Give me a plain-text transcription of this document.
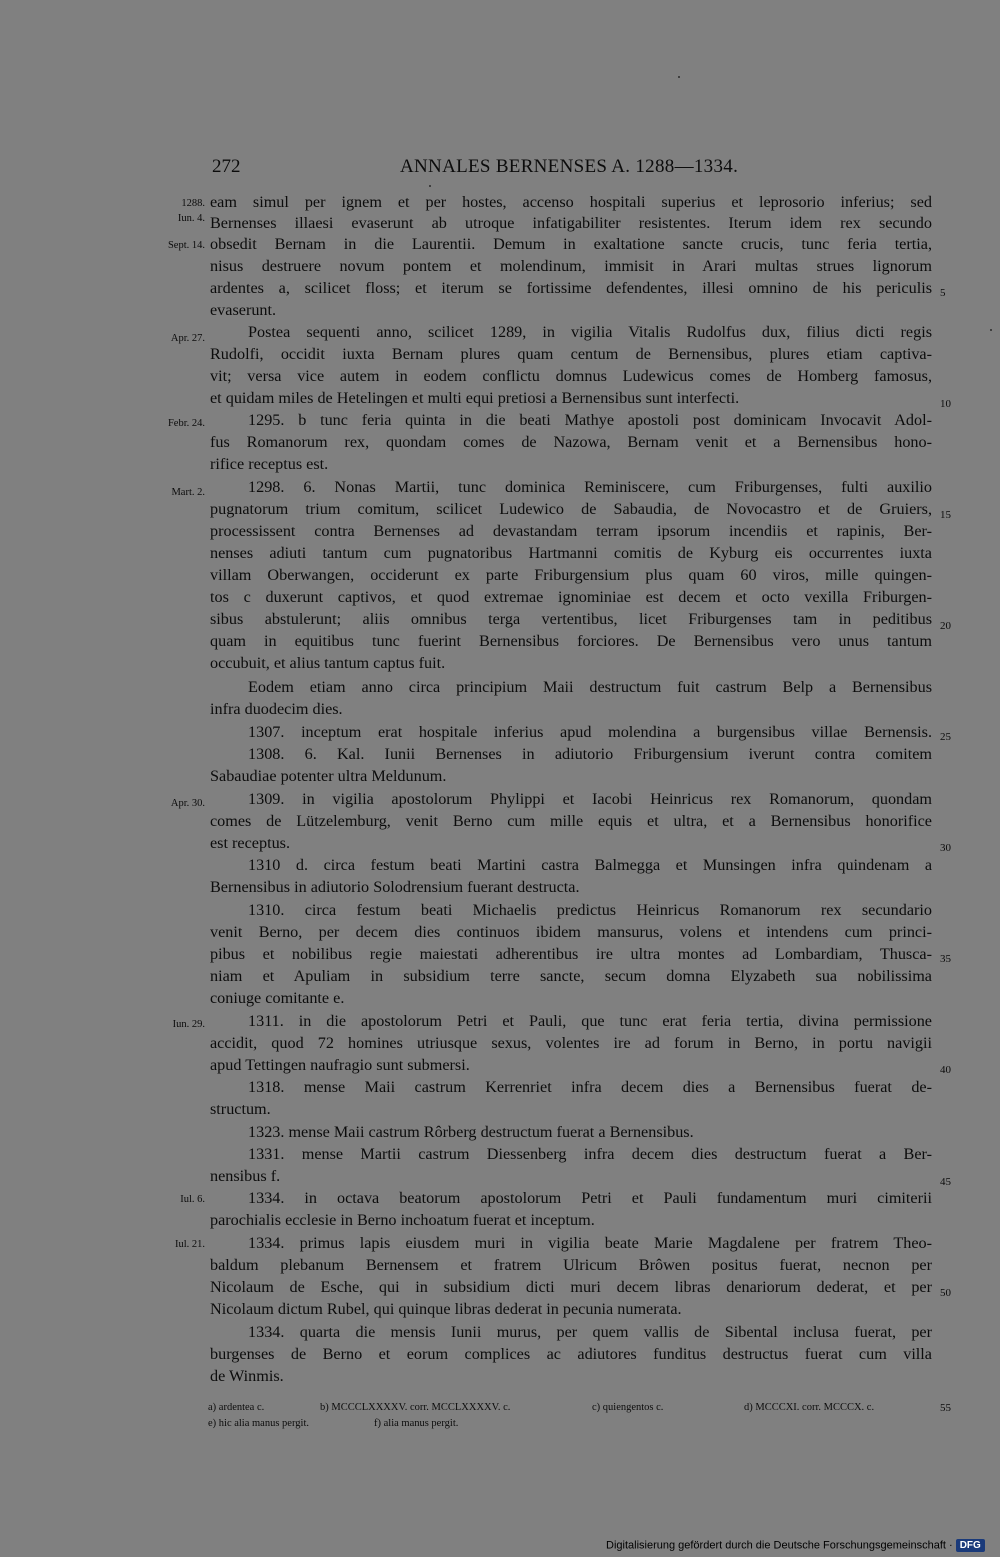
272	ANNALES BERNENSES A. 1288—1334.
1288.
Iun. 4.
Sept. 14.
Apr. 27.
Febr. 24.
Mart. 2.
Apr. 30.
Iun. 29.
Iul. 6.
Iul. 21.
eam simul per ignem et per hostes, accenso hospitali superius et leprosorio inferius; sed
Bernenses illaesi evaserunt ab utroque infatigabiliter resistentes. Iterum idem rex secundo
obsedit Bernam in die Laurentii. Demum in exaltatione sancte crucis, tunc feria tertia,
nisus destruere novum pontem et molendinum, immisit in Arari multas strues lignorum
ardentes a, scilicet floss; et iterum se fortissime defendentes, illesi omnino de his periculis
evaserunt.
Postea sequenti anno, scilicet 1289, in vigilia Vitalis Rudolfus dux, filius dicti regis
Rudolfi, occidit iuxta Bernam plures quam centum de Bernensibus, plures etiam captiva-
vit; versa vice autem in eodem conflictu domnus Ludewicus comes de Homberg famosus,
et quidam miles de Hetelingen et multi equi pretiosi a Bernensibus sunt interfecti.
1295. b tunc feria quinta in die beati Mathye apostoli post dominicam Invocavit Adol-
fus Romanorum rex, quondam comes de Nazowa, Bernam venit et a Bernensibus hono-
rifice receptus est.
1298. 6. Nonas Martii, tunc dominica Reminiscere, cum Friburgenses, fulti auxilio
pugnatorum trium comitum, scilicet Ludewico de Sabaudia, de Novocastro et de Gruiers,
processissent contra Bernenses ad devastandam terram ipsorum incendiis et rapinis, Ber-
nenses adiuti tantum cum pugnatoribus Hartmanni comitis de Kyburg eis occurrentes iuxta
villam Oberwangen, occiderunt ex parte Friburgensium plus quam 60 viros, mille quingen-
tos c duxerunt captivos, et quod extremae ignominiae est decem et octo vexilla Friburgen-
sibus abstulerunt; aliis omnibus terga vertentibus, licet Friburgenses tam in peditibus
quam in equitibus tunc fuerint Bernensibus forciores. De Bernensibus vero unus tantum
occubuit, et alius tantum captus fuit.
Eodem etiam anno circa principium Maii destructum fuit castrum Belp a Bernensibus
infra duodecim dies.
1307. inceptum erat hospitale inferius apud molendina a burgensibus villae Bernensis.
1308. 6. Kal. Iunii Bernenses in adiutorio Friburgensium iverunt contra comitem
Sabaudiae potenter ultra Meldunum.
1309. in vigilia apostolorum Phylippi et Iacobi Heinricus rex Romanorum, quondam
comes de Lützelemburg, venit Berno cum mille equis et ultra, et a Bernensibus honorifice
est receptus.
1310 d. circa festum beati Martini castra Balmegga et Munsingen infra quindenam a
Bernensibus in adiutorio Solodrensium fuerant destructa.
1310. circa festum beati Michaelis predictus Heinricus Romanorum rex secundario
venit Berno, per decem dies continuos ibidem mansurus, volens et intendens cum princi-
pibus et nobilibus regie maiestati adherentibus ire ultra montes ad Lombardiam, Thusca-
niam et Apuliam in subsidium terre sancte, secum domna Elyzabeth sua nobilissima
coniuge comitante e.
1311. in die apostolorum Petri et Pauli, que tunc erat feria tertia, divina permissione
accidit, quod 72 homines utriusque sexus, volentes ire ad forum in Berno, in portu navigii
apud Tettingen naufragio sunt submersi.
1318. mense Maii castrum Kerrenriet infra decem dies a Bernensibus fuerat de-
structum.
1323. mense Maii castrum Rôrberg destructum fuerat a Bernensibus.
1331. mense Martii castrum Diessenberg infra decem dies destructum fuerat a Ber-
nensibus f.
1334. in octava beatorum apostolorum Petri et Pauli fundamentum muri cimiterii
parochialis ecclesie in Berno inchoatum fuerat et inceptum.
1334. primus lapis eiusdem muri in vigilia beate Marie Magdalene per fratrem Theo-
baldum plebanum Bernensem et fratrem Ulricum Brôwen positus fuerat, necnon per
Nicolaum de Esche, qui in subsidium dicti muri decem libras denariorum dederat, et per
Nicolaum dictum Rubel, qui quinque libras dederat in pecunia numerata.
1334. quarta die mensis Iunii murus, per quem vallis de Sibental inclusa fuerat, per
burgenses de Berno et eorum complices ac adiutores funditus destructus fuerat cum villa
de Winmis.
5
10
15
20
25
30
35
40
45
50
55
a) ardentea c.	b) MCCCLXXXXV. corr. MCCLXXXXV. c.	c) quiengentos c.	d) MCCCXI. corr. MCCCX. c.
e) hic alia manus pergit.	f) alia manus pergit.
Digitalisierung gefördert durch die Deutsche Forschungsgemeinschaft · DFG
